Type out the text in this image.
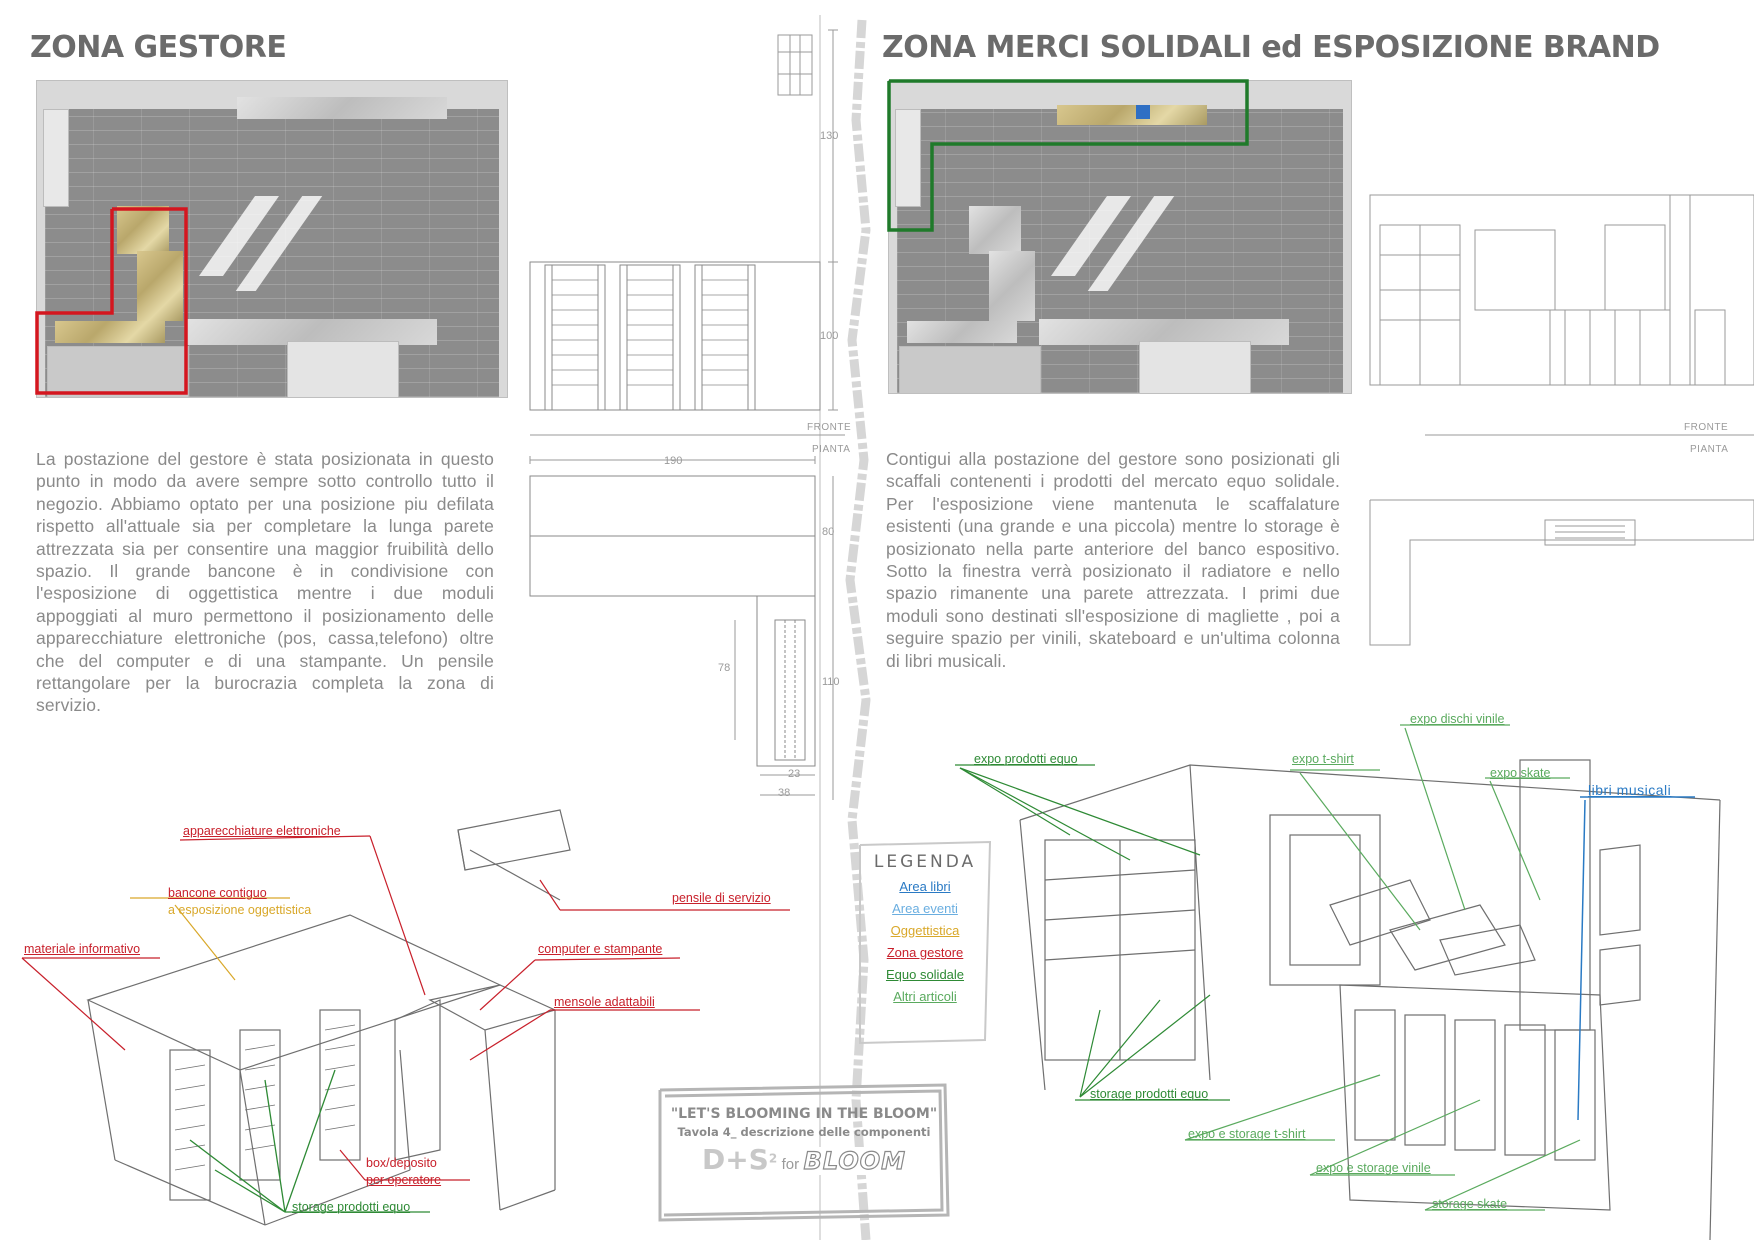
ZONA GESTORE	ZONA MERCI SOLIDALI ed ESPOSIZIONE BRAND
La postazione del gestore è stata posizionata in questo punto in modo da avere sempre sotto controllo tutto il negozio. Abbiamo optato per una posizione piu defilata rispetto all'attuale sia per completare la lunga parete attrezzata sia per consentire una maggior fruibilità dello spazio. Il grande bancone è in condivisione con l'esposizione di oggettistica mentre i due moduli appoggiati al muro permettono il posizionamento delle apparecchiature elettroniche (pos, cassa,telefono) oltre che del computer e di una stampante. Un pensile rettangolare per la burocrazia completa la zona di servizio.
Contigui alla postazione del gestore sono posizionati gli scaffali contenenti i prodotti del mercato equo solidale. Per l'esposizione viene mantenuta le scaffalature esistenti (una grande e una piccola) mentre lo storage è posizionato nella parte anteriore del banco espositivo. Sotto la finestra verrà posizionato il radiatore e nello spazio rimanente una parete attrezzata. I primi due moduli sono destinati sll'esposizione di magliette , poi a seguire spazio per vinili, skateboard e un'ultima colonna di libri musicali.
130
100
FRONTE
PIANTA
190
80
78
110
23
38
FRONTE
PIANTA
apparecchiature elettroniche
bancone contiguo
a esposizione oggettistica
materiale informativo
pensile di servizio
computer e stampante
mensole adattabili
box/deposito
per operatore
storage prodotti equo
expo prodotti equo	expo t-shirt
expo dischi vinile
expo skate
libri musicali
storage prodotti equo
expo e storage t-shirt
expo e storage vinile
storage skate
LEGENDA
Area libri
Area eventi
Oggettistica
Zona gestore
Equo solidale
Altri articoli
"LET'S BLOOMING IN THE BLOOM"
Tavola 4_ descrizione delle componenti
$D+S^2$ for BLOOM
